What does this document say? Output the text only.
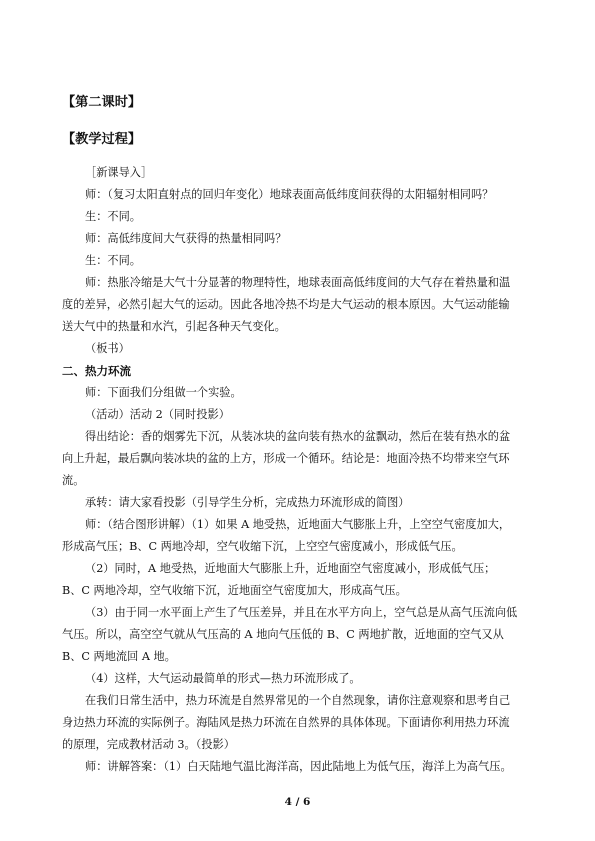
【第二课时】
【教学过程】
［新课导入］
师：（复习太阳直射点的回归年变化）地球表面高低纬度间获得的太阳辐射相同吗？
生：不同。
师：高低纬度间大气获得的热量相同吗？
生：不同。
师：热胀冷缩是大气十分显著的物理特性，地球表面高低纬度间的大气存在着热量和温
度的差异，必然引起大气的运动。因此各地冷热不均是大气运动的根本原因。大气运动能输
送大气中的热量和水汽，引起各种天气变化。
（板书）
二、热力环流
师：下面我们分组做一个实验。
（活动）活动 2（同时投影）
得出结论：香的烟雾先下沉，从装冰块的盆向装有热水的盆飘动，然后在装有热水的盆
向上升起，最后飘向装冰块的盆的上方，形成一个循环。结论是：地面冷热不均带来空气环
流。
承转：请大家看投影（引导学生分析，完成热力环流形成的简图）
师：（结合图形讲解）（1）如果 A 地受热，近地面大气膨胀上升，上空空气密度加大，
形成高气压；B、C 两地冷却，空气收缩下沉，上空空气密度减小，形成低气压。
（2）同时，A 地受热，近地面大气膨胀上升，近地面空气密度减小，形成低气压；
B、C 两地冷却，空气收缩下沉，近地面空气密度加大，形成高气压。
（3）由于同一水平面上产生了气压差异，并且在水平方向上，空气总是从高气压流向低
气压。所以，高空空气就从气压高的 A 地向气压低的 B、C 两地扩散，近地面的空气又从
B、C 两地流回 A 地。
（4）这样，大气运动最简单的形式—热力环流形成了。
在我们日常生活中，热力环流是自然界常见的一个自然现象，请你注意观察和思考自己
身边热力环流的实际例子。海陆风是热力环流在自然界的具体体现。下面请你利用热力环流
的原理，完成教材活动 3。（投影）
师：讲解答案：（1）白天陆地气温比海洋高，因此陆地上为低气压，海洋上为高气压。
4 / 6
